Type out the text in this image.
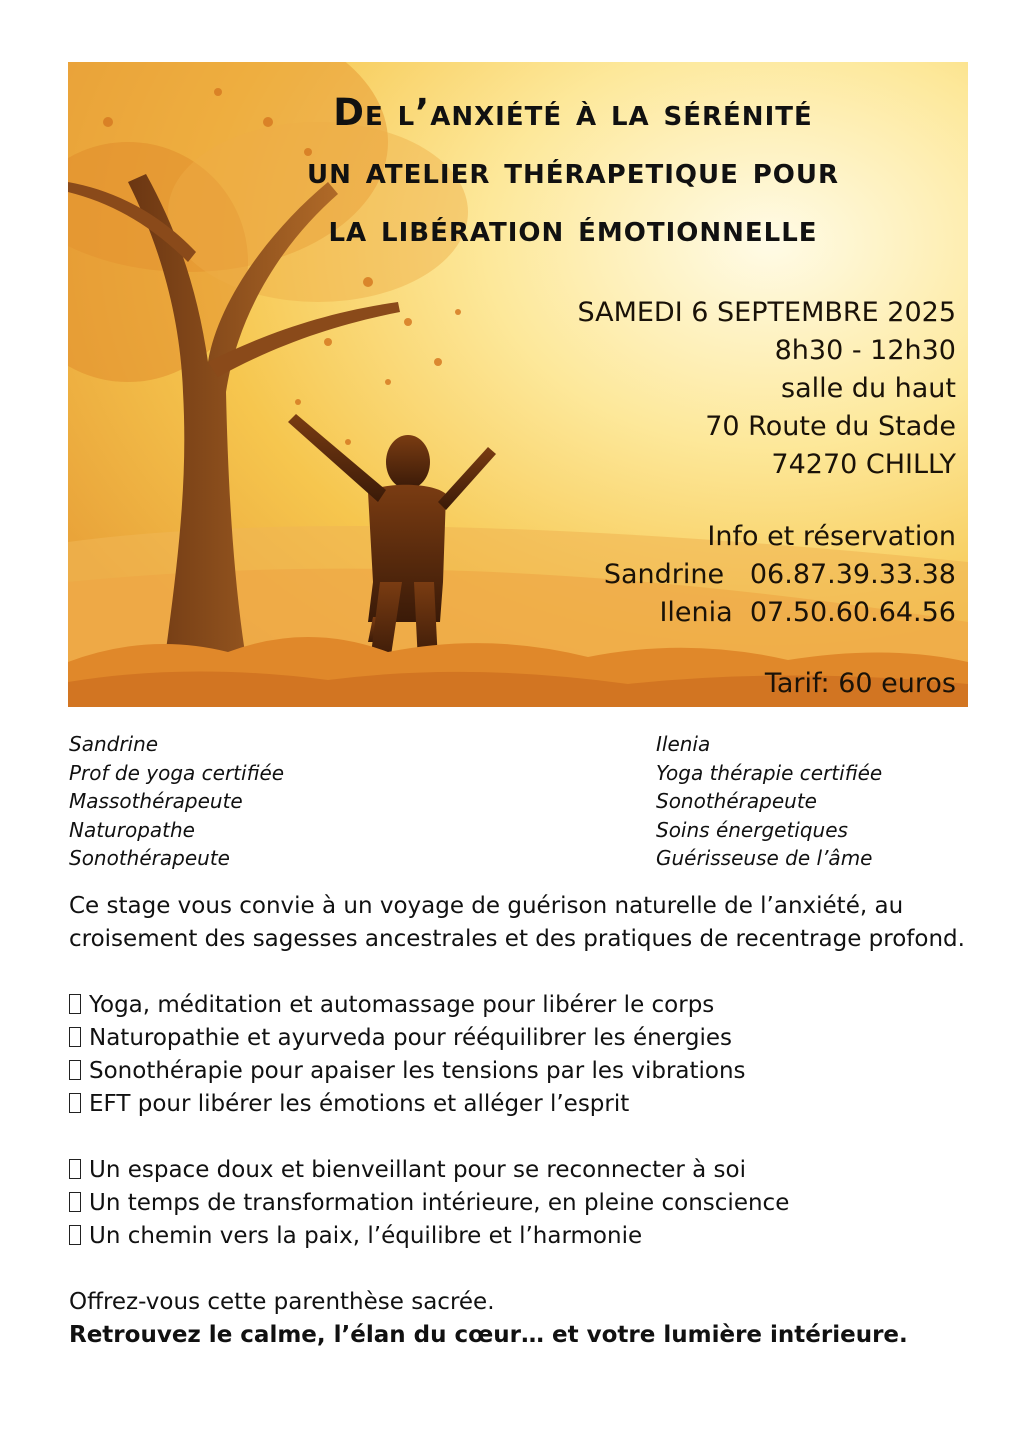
De l’anxiété à la sérénité
un atelier thérapetique pour
la libération émotionnelle
SAMEDI 6 SEPTEMBRE 2025
8h30 - 12h30
salle du haut
70 Route du Stade
74270 CHILLY
Info et réservation
Sandrine 06.87.39.33.38
Ilenia 07.50.60.64.56
Tarif: 60 euros
Sandrine
Prof de yoga certifiée
Massothérapeute
Naturopathe
Sonothérapeute
Ilenia
Yoga thérapie certifiée
Sonothérapeute
Soins énergetiques
Guérisseuse de l’âme

Ce stage vous convie à un voyage de guérison naturelle de l’anxiété, au croisement des sagesses ancestrales et des pratiques de recentrage profond.

Yoga, méditation et automassage pour libérer le corps
Naturopathie et ayurveda pour rééquilibrer les énergies
Sonothérapie pour apaiser les tensions par les vibrations
EFT pour libérer les émotions et alléger l’esprit
Un espace doux et bienveillant pour se reconnecter à soi
Un temps de transformation intérieure, en pleine conscience
Un chemin vers la paix, l’équilibre et l’harmonie

Offrez-vous cette parenthèse sacrée.

Retrouvez le calme, l’élan du cœur… et votre lumière intérieure.
